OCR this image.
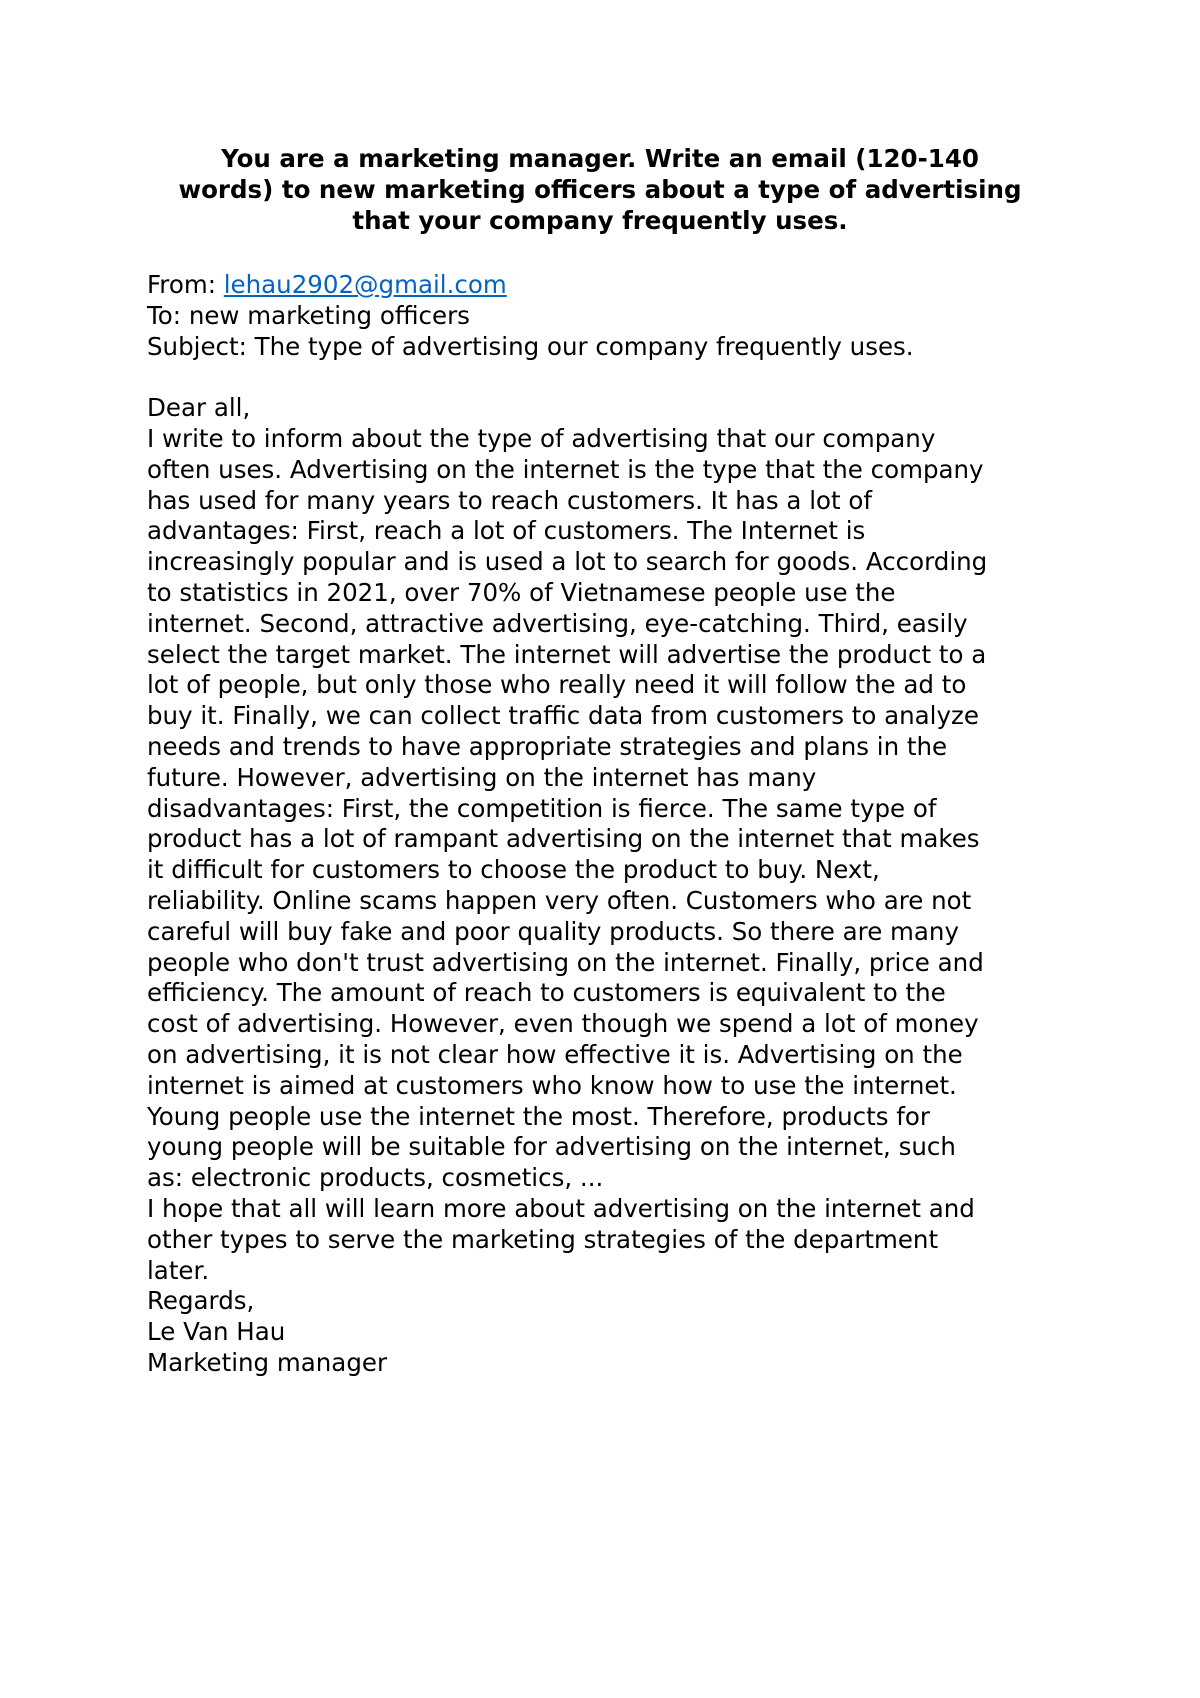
You are a marketing manager. Write an email (120-140
words) to new marketing officers about a type of advertising
that your company frequently uses.
From: lehau2902@gmail.com
To: new marketing officers
Subject: The type of advertising our company frequently uses.
Dear all,
I write to inform about the type of advertising that our company
often uses. Advertising on the internet is the type that the company
has used for many years to reach customers. It has a lot of
advantages: First, reach a lot of customers. The Internet is
increasingly popular and is used a lot to search for goods. According
to statistics in 2021, over 70% of Vietnamese people use the
internet. Second, attractive advertising, eye-catching. Third, easily
select the target market. The internet will advertise the product to a
lot of people, but only those who really need it will follow the ad to
buy it. Finally, we can collect traffic data from customers to analyze
needs and trends to have appropriate strategies and plans in the
future. However, advertising on the internet has many
disadvantages: First, the competition is fierce. The same type of
product has a lot of rampant advertising on the internet that makes
it difficult for customers to choose the product to buy. Next,
reliability. Online scams happen very often. Customers who are not
careful will buy fake and poor quality products. So there are many
people who don't trust advertising on the internet. Finally, price and
efficiency. The amount of reach to customers is equivalent to the
cost of advertising. However, even though we spend a lot of money
on advertising, it is not clear how effective it is. Advertising on the
internet is aimed at customers who know how to use the internet.
Young people use the internet the most. Therefore, products for
young people will be suitable for advertising on the internet, such
as: electronic products, cosmetics, ...
I hope that all will learn more about advertising on the internet and
other types to serve the marketing strategies of the department
later.
Regards,
Le Van Hau
Marketing manager
